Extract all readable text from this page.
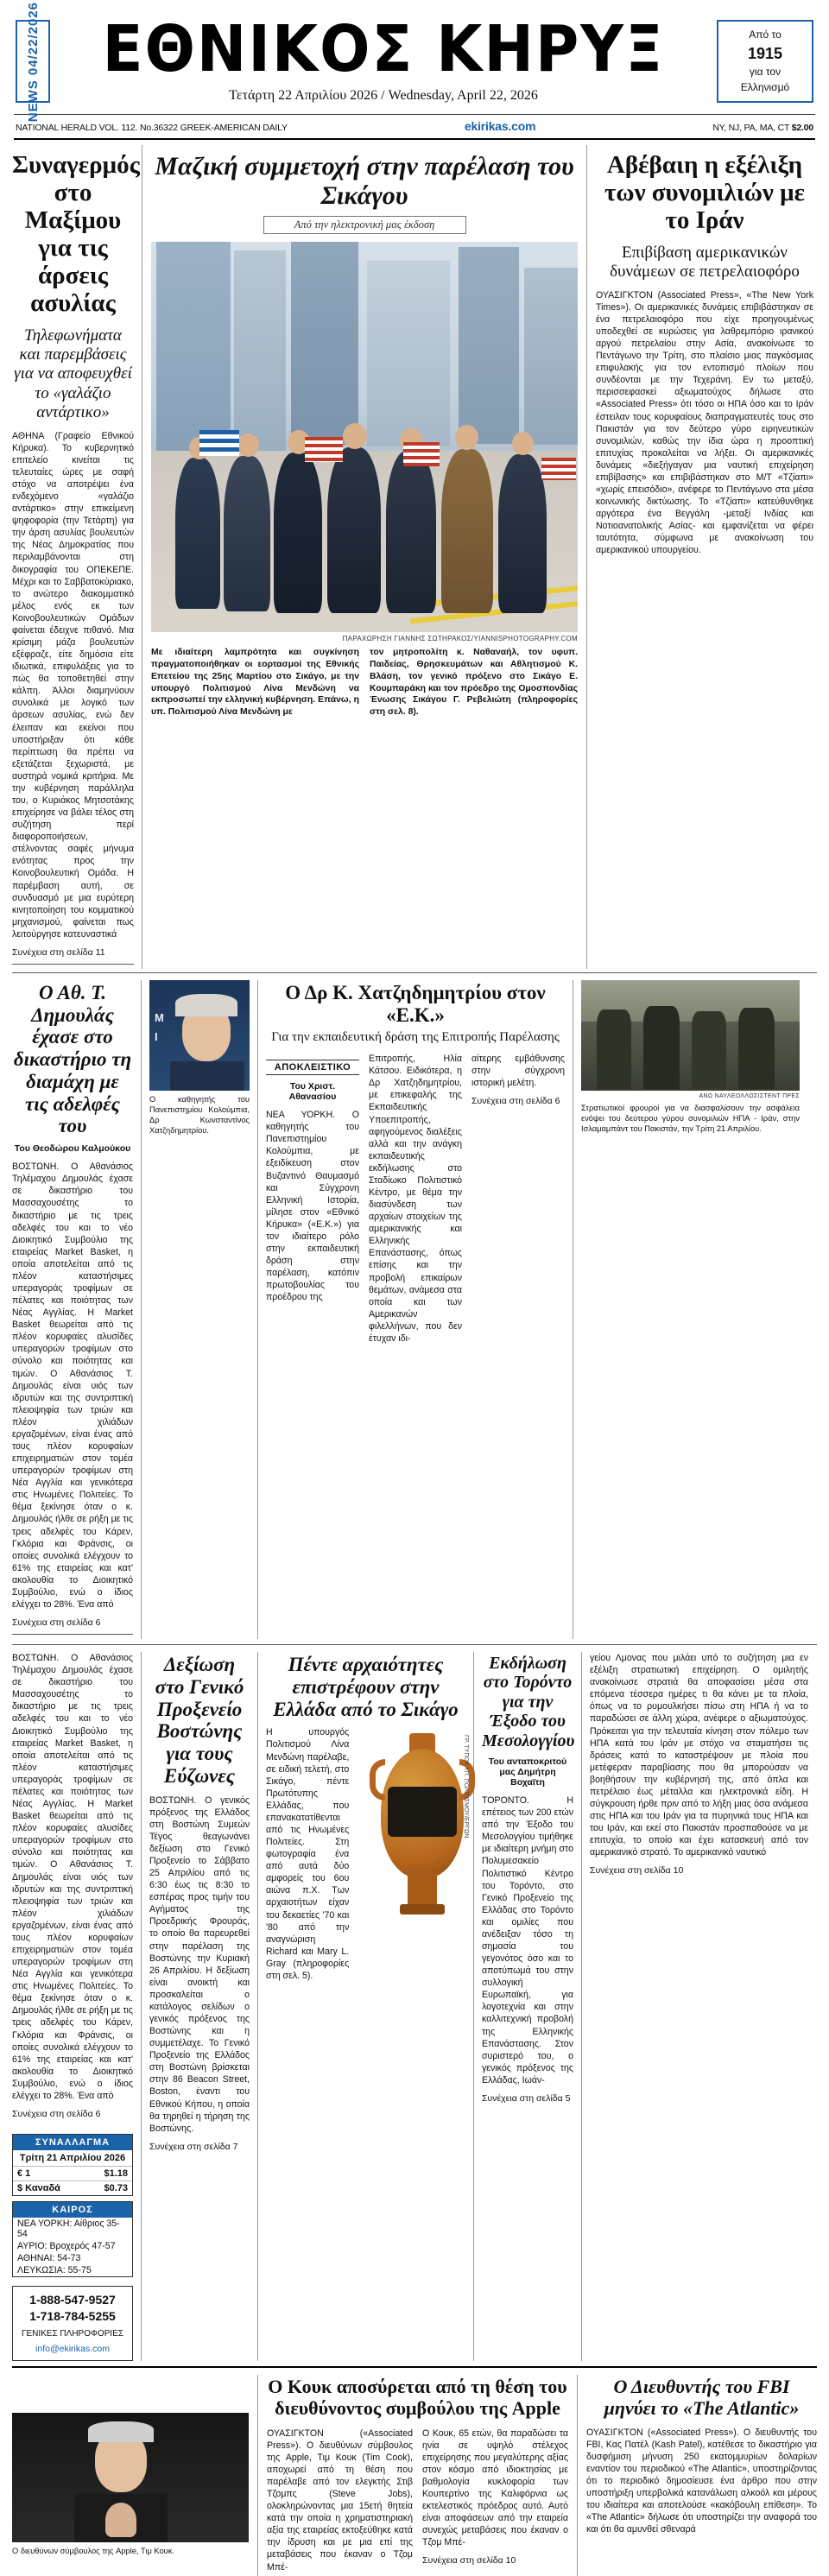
NEWS 04/22/2026 ΕΘΝΙΚΟΣ ΚΗΡΥΞ
Τετάρτη 22 Απριλίου 2026 / Wednesday, April 22, 2026
Από το
1915
για τον
Ελληνισμό
NATIONAL HERALD VOL. 112. No.36322 GREEK-AMERICAN DAILY	ekirikas.com	NY, NJ, PA, MA, CT $2.00
Συναγερμός στο Μαξίμου για τις άρσεις ασυλίας
Τηλεφωνήματα και παρεμβάσεις για να αποφευχθεί το «γαλάζιο αντάρτικο»

ΑΘΗΝΑ (Γραφείο Εθνικού Κήρυκα). Το κυβερνητικό επιτελείο κινείται τις τελευταίες ώρες με σαφή στόχο να αποτρέψει ένα ενδεχόμενο «γαλάζιο αντάρτικο» στην επικείμενη ψηφοφορία (την Τετάρτη) για την άρση ασυλίας βουλευτών της Νέας Δημοκρατίας που περιλαμβάνονται στη δικογραφία του ΟΠΕΚΕΠΕ. Μέχρι και το Σαββατοκύριακο, το ανώτερο διακομματικό μέλος ενός εκ των Κοινοβουλευτικών Ομάδων φαίνεται έδειχνε πιθανό. Μια κρίσιμη μάζα βουλευτών εξέφραζε, είτε δημόσια είτε ιδιωτικά, επιφυλάξεις για το πώς θα τοποθετηθεί στην κάλπη. Άλλοι διαμηνύουν συνολικά με λογικό των άρσεων ασυλίας, ενώ δεν έλειπαν και εκείνοι που υποστήριξαν ότι κάθε περίπτωση θα πρέπει να εξετάζεται ξεχωριστά, με αυστηρά νομικά κριτήρια. Με την κυβέρνηση παράλληλα του, ο Κυριάκος Μητσοτάκης επιχείρησε να βάλει τέλος στη συζήτηση περί διαφοροποιήσεων, στέλνοντας σαφές μήνυμα ενότητας προς την Κοινοβουλευτική Ομάδα. Η παρέμβαση αυτή, σε συνδυασμό με μια ευρύτερη κινητοποίηση του κομματικού μηχανισμού, φαίνεται πως λειτούργησε κατευναστικά

Συνέχεια στη σελίδα 11
Μαζική συμμετοχή στην παρέλαση του Σικάγου
Από την ηλεκτρονική μας έκδοση
ΠΑΡΑΧΩΡΗΣΗ ΓΙΑΝΝΗΣ ΣΩΤΗΡΑΚΟΣ/YIANNISPHOTOGRAPHY.COM

Με ιδιαίτερη λαμπρότητα και συγκίνηση πραγματοποιήθηκαν οι εορτασμοί της Εθνικής Επετείου της 25ης Μαρτίου στο Σικάγο, με την υπουργό Πολιτισμού Λίνα Μενδώνη να εκπροσωπεί την ελληνική κυβέρνηση. Επάνω, η υπ. Πολιτισμού Λίνα Μενδώνη με

τον μητροπολίτη κ. Ναθαναήλ, τον υφυπ. Παιδείας, Θρησκευμάτων και Αθλητισμού Κ. Βλάση, τον γενικό πρόξενο στο Σικάγο Ε. Κουμπαράκη και τον πρόεδρο της Ομοσπονδίας Ένωσης Σικάγου Γ. Ρεβελιώτη (πληροφορίες στη σελ. 8).

Αβέβαιη η εξέλιξη των συνομιλιών με το Ιράν
Επιβίβαση αμερικανικών δυνάμεων σε πετρελαιοφόρο

ΟΥΑΣΙΓΚΤΟΝ (Associated Press», «The New York Times»). Οι αμερικανικές δυνάμεις επιβιβάστηκαν σε ένα πετρελαιοφόρο που είχε προηγουμένως υποδεχθεί σε κυρώσεις για λαθρεμπόριο ιρανικού αργού πετρελαίου στην Ασία, ανακοίνωσε το Πεντάγωνο την Τρίτη, στο πλαίσιο μιας παγκόσμιας επιφυλακής για τον εντοπισμό πλοίων που συνδέονται με την Τεχεράνη. Εν τω μεταξύ, περισσεφασκεί αξιωματούχος δήλωσε στο «Associated Press» ότι τόσο οι ΗΠΑ όσο και το Ιράν έστειλαν τους κορυφαίους διαπραγματευτές τους στο Πακιστάν για τον δεύτερο γύρο ειρηνευτικών συνομιλιών, καθώς την ίδια ώρα η προοπτική επιτυχίας προκαλείται να λήξει. Οι αμερικανικές δυνάμεις «διεξήγαγαν μια ναυτική επιχείρηση επιβίβασης» και επιβιβάστηκαν στο Μ/Τ «Τζίαπι» «χωρίς επεισόδιο», ανέφερε το Πεντάγωνο στα μέσα κοινωνικής δικτύωσης. Το «Τζίαπι» κατεύθυνθηκε αργότερα ένα Βεγγάλη -μεταξί Ινδίας και Νοτιοανατολικής Ασίας- και εμφανίζεται να φέρει ταυτότητα, σύμφωνα με ανακοίνωση του αμερικανικού υπουργείου.

Ο Αθ. Τ. Δημουλάς έχασε στο δικαστήριο τη διαμάχη με τις αδελφές του
Του Θεοδώρου Καλμούκου

ΒΟΣΤΩΝΗ. Ο Αθανάσιος Τηλέμαχου Δημουλάς έχασε σε δικαστήριο του Μασσαχουσέτης το δικαστήριο με τις τρεις αδελφές του και το νέο Διοικητικό Συμβούλιο της εταιρείας Market Basket, η οποία αποτελείται από τις πλέον καταστήσιμες υπεραγοράς τροφίμων σε πέλατες και ποιότητας των Νέας Αγγλίας. Η Market Basket θεωρείται από τις πλέον κορυφαίες αλυσίδες υπεραγορών τροφίμων στο σύνολο και ποιότητας και τιμών. Ο Αθανάσιος Τ. Δημουλάς είναι υιός των ιδρυτών και της συντριπτική πλειοψηφία των τριών και πλέον χιλιάδων εργαζομένων, είναι ένας από τους πλέον κορυφαίων επιχειρηματιών στον τομέα υπεραγορών τροφίμων στη Νέα Αγγλία και γενικότερα στις Ηνωμένες Πολιτείες. Το θέμα ξεκίνησε όταν ο κ. Δημουλάς ήλθε σε ρήξη με τις τρεις αδελφές του Κάρεν, Γκλόρια και Φράνσις, οι οποίες συνολικά ελέγχουν το 61% της εταιρείας και κατ' ακολουθία το Διοικητικό Συμβούλιο, ενώ ο ίδιος ελέγχει το 28%. Ένα από

Συνέχεια στη σελίδα 6
M
I
Ο καθηγητής του Πανεπιστημίου Κολούμπια, Δρ Κωνσταντίνος Χατζηδημητρίου.
Ο Δρ Κ. Χατζηδημητρίου στον «Ε.Κ.»
Για την εκπαιδευτική δράση της Επιτροπής Παρέλασης
ΑΠΟΚΛΕΙΣΤΙΚΟ
Του Χριστ. Αθανασίου

ΝΕΑ ΥΟΡΚΗ. Ο καθηγητής του Πανεπιστημίου Κολούμπια, με εξειδίκευση στον Βυζαντινό Θαυμασμό και Σύγχρονη Ελληνική Ιστορία, μίλησε στον «Εθνικό Κήρυκα» («Ε.Κ.») για τον ιδιαίτερο ρόλο στην εκπαιδευτική δράση στην παρέλαση, κατόπιν πρωτοβουλίας του προέδρου της

Επιτροπής, Ηλία Κάτσου. Ειδικότερα, η Δρ Χατζηδημητρίου, με επικεφαλής της Εκπαιδευτικής Υποεπιτροπής, αφηγούμενος διαλέξεις αλλά και την ανάγκη εκπαιδευτικής εκδήλωσης στο Σταδίωκο Πολιτιστικό Κέντρο, με θέμα την διασύνδεση των αρχαίων στοιχείων της αμερικανικής και Ελληνικής Επανάστασης, όπως επίσης και την προβολή επικαίρων θεμάτων, ανάμεσα στα οποία και των Αμερικανών φιλελλήνων, που δεν έτυχαν ιδι-

αίτερης εμβάθυνσης στην σύγχρονη ιστορική μελέτη.

Συνέχεια στη σελίδα 6	ΑΝΩ ΝΑΥΛΕΟΛΛΟΣΙΣΤΕΝΤ ΠΡΕΣ
Στρατιωτικοί φρουροί για να διασφαλίσουν την ασφάλεια ενόψει του δεύτερου γύρου συνομιλιών ΗΠΑ - Ιράν, στην Ισλαμαμπάντ του Πακιστάν, την Τρίτη 21 Απριλίου.

ΒΟΣΤΩΝΗ. Ο Αθανάσιος Τηλέμαχου Δημουλάς έχασε σε δικαστήριο του Μασσαχουσέτης το δικαστήριο με τις τρεις αδελφές του και το νέο Διοικητικό Συμβούλιο της εταιρείας Market Basket, η οποία αποτελείται από τις πλέον καταστήσιμες υπεραγοράς τροφίμων σε πέλατες και ποιότητας των Νέας Αγγλίας. Η Market Basket θεωρείται από τις πλέον κορυφαίες αλυσίδες υπεραγορών τροφίμων στο σύνολο και ποιότητας και τιμών. Ο Αθανάσιος Τ. Δημουλάς είναι υιός των ιδρυτών και της συντριπτική πλειοψηφία των τριών και πλέον χιλιάδων εργαζομένων, είναι ένας από τους πλέον κορυφαίων επιχειρηματιών στον τομέα υπεραγορών τροφίμων στη Νέα Αγγλία και γενικότερα στις Ηνωμένες Πολιτείες. Το θέμα ξεκίνησε όταν ο κ. Δημουλάς ήλθε σε ρήξη με τις τρεις αδελφές του Κάρεν, Γκλόρια και Φράνσις, οι οποίες συνολικά ελέγχουν το 61% της εταιρείας και κατ' ακολουθία το Διοικητικό Συμβούλιο, ενώ ο ίδιος ελέγχει το 28%. Ένα από

Συνέχεια στη σελίδα 6
ΣΥΝΑΛΛΑΓΜΑ
Τρίτη 21 Απριλίου 2026
€ 1	$1.18
$ Καναδά	$0.73
ΚΑΙΡΟΣ
ΝΕΑ ΥΟΡΚΗ: Αίθριος 35-54
ΑΥΡΙΟ: Βροχερός 47-57
ΑΘΗΝΑΙ: 54-73
ΛΕΥΚΩΣΙΑ: 55-75
1-888-547-9527
1-718-784-5255
ΓΕΝΙΚΕΣ ΠΛΗΡΟΦΟΡΙΕΣ
info@ekirikas.com
Δεξίωση στο Γενικό Προξενείο Βοστώνης για τους Εύζωνες

ΒΟΣΤΩΝΗ. Ο γενικός πρόξενος της Ελλάδος στη Βοστώνη Συμεών Τέγος θεαγωνάνει δεξίωση στο Γενικό Προξενείο το Σάββατο 25 Απριλίου από τις 6:30 έως τις 8:30 το εσπέρας προς τιμήν του Αγήματος της Προεδρικής Φρουράς, το οποίο θα παρευρεθεί στην παρέλαση της Βοστώνης την Κυριακή 26 Απριλίου. Η δεξίωση είναι ανοικτή και προσκαλείται ο κατάλογος σελίδων ο γενικός πρόξενος της Βοστώνης και η συμμετέλαχε. Το Γενικό Προξενείο της Ελλάδος στη Βοστώνη βρίσκεται στην 86 Beacon Street, Boston, έναντι του Εθνικού Κήπου, η οποία θα τηρηθεί η τήρηση της Βοστώνης.

Συνέχεια στη σελίδα 7
Πέντε αρχαιότητες επιστρέφουν στην Ελλάδα από το Σικάγο

Η υπουργός Πολιτισμού Λίνα Μενδώνη παρέλαβε, σε ειδική τελετή, στο Σικάγο, πέντε Πρωτότυπης Ελλάδας, που επανακατατίθενται από τις Ηνωμένες Πολιτείες. Στη φωτογραφία ένα από αυτά δύο αμφορείς του 6ου αιώνα π.Χ. Των αρχαιοτήτων είχαν του δεκαετίες '70 και '80 από την αναγνώριση Richard και Mary L. Gray (πληροφορίες στη σελ. 5).

ΓΡ. ΤΥΠΟΥ ΥΠ. ΠΟΛΙΤΙΣΜΟΥ/ΕΡΓΩΝ
Εκδήλωση στο Τορόντο για την Έξοδο του Μεσολογγίου
Του ανταποκριτού μας Δημήτρη Βοχαϊτη

ΤΟΡΟΝΤΟ. Η επέτειος των 200 ετών από την Έξοδο του Μεσολογγίου τιμήθηκε με ιδιαίτερη μνήμη στο Πολυμεσακείο Πολιτιστικό Κέντρο του Τορόντο, στο Γενικό Προξενείο της Ελλάδας στο Τορόντο και ομιλίες που ανέδειξαν τόσο τη σημασία του γεγονότος όσο και το αποτύπωμά του στην συλλογική Ευρωπαϊκή, για λογοτεχνία και στην καλλιτεχνική προβολή της Ελληνικής Επανάστασης. Στον συριστερό του, ο γενικός πρόξενος της Ελλάδας, Ιωάν-

Συνέχεια στη σελίδα 5

γείου Λμονας που μιλάει υπό το συζήτηση μια εν εξέλιξη στρατιωτική επιχείρηση. Ο ομιλητής ανακοίνωσε στρατιά θα αποφασίσει μέσα στα επόμενα τέσσερα ημέρες τι θα κάνει με τα πλοία, όπως να το ρυμουλκήσει πίσω στη ΗΠΑ ή να το παραδώσει σε άλλη χώρα, ανέφερε ο αξιωματούχος. Πρόκειται για την τελευταία κίνηση στον πόλεμο των ΗΠΑ κατά του Ιράν με στόχο να σταματήσει τις δράσεις κατά το καταστρέψουν με πλοία που μετέφεραν παραβίασης που θα μπορούσαν να βοηθήσουν την κυβέρνησή της, από όπλα και πετρέλαιο έως μέταλλα και ηλεκτρονικά είδη. Η σύγκρουση ήρθε πριν από το λήξη μιας όσα ανάμεσα στις ΗΠΑ και του Ιράν για τα πυρηνικά τους ΗΠΑ και του Ιράν, και εκεί στο Πακιστάν προσπαθούσε να με επιτυχία, το οποίο και έχει κατασκευή από τον αμερικανικό στρατό. Το αμερικανικό ναυτικό

Συνέχεια στη σελίδα 10
Ο διευθύνων σύμβουλος της Apple, Τιμ Κουκ.
Ο Κουκ αποσύρεται από τη θέση του διευθύνοντος συμβούλου της Apple

ΟΥΑΣΙΓΚΤΟΝ («Associated Press»). Ο διευθύνων σύμβουλος της Apple, Τιμ Κουκ (Tim Cook), αποχωρεί από τη θέση που παρέλαβε από τον ελεγκτής Στιβ Τζομπς (Steve Jobs), ολοκληρώνοντας μια 15ετή θητεία κατά την οποία η χρηματιστηριακή αξία της εταιρείας εκτοξεύθηκε κατά την ίδρυση και με μια επί της μεταβάσεις που έκαναν ο Τζομ Μπέ-

Ο Κουκ, 65 ετών, θα παραδώσει τα ηνία σε υψηλό στέλεχος επιχείρησης που μεγαλύτερης αξίας στον κόσμο από ιδιοκτησίας με βαθμολογία κυκλοφορία των Κουπερτίνο της Καλιφόρνια ως εκτελεστικός πρόεδρος αυτό. Αυτό είναι αποφάσεων από την εταιρεία συνεχώς μεταβάσεις που έκαναν ο Τζομ Μπέ-

Συνέχεια στη σελίδα 10
Ο Διευθυντής του FBI μηνύει το «The Atlantic»

ΟΥΑΣΙΓΚΤΟΝ («Associated Press»). Ο διευθυντής του FBI, Κας Πατέλ (Kash Patel), κατέθεσε το δικαστήριο για δυσφήμιση μήνυση 250 εκατομμυρίων δολαρίων εναντίον του περιοδικού «The Atlantic», υποστηρίζοντας ότι το περιοδικό δημοσίευσε ένα άρθρο που στην υποστήριξη υπερβολικά κατανάλωση αλκοόλ και μέρους του ιδιαίτερα και αποτελούσε «κακόβουλη επίθεση». Το «The Atlantic» δήλωσε ότι υποστηρίζει την αναφορά του και ότι θα αμυνθεί σθεναρά
